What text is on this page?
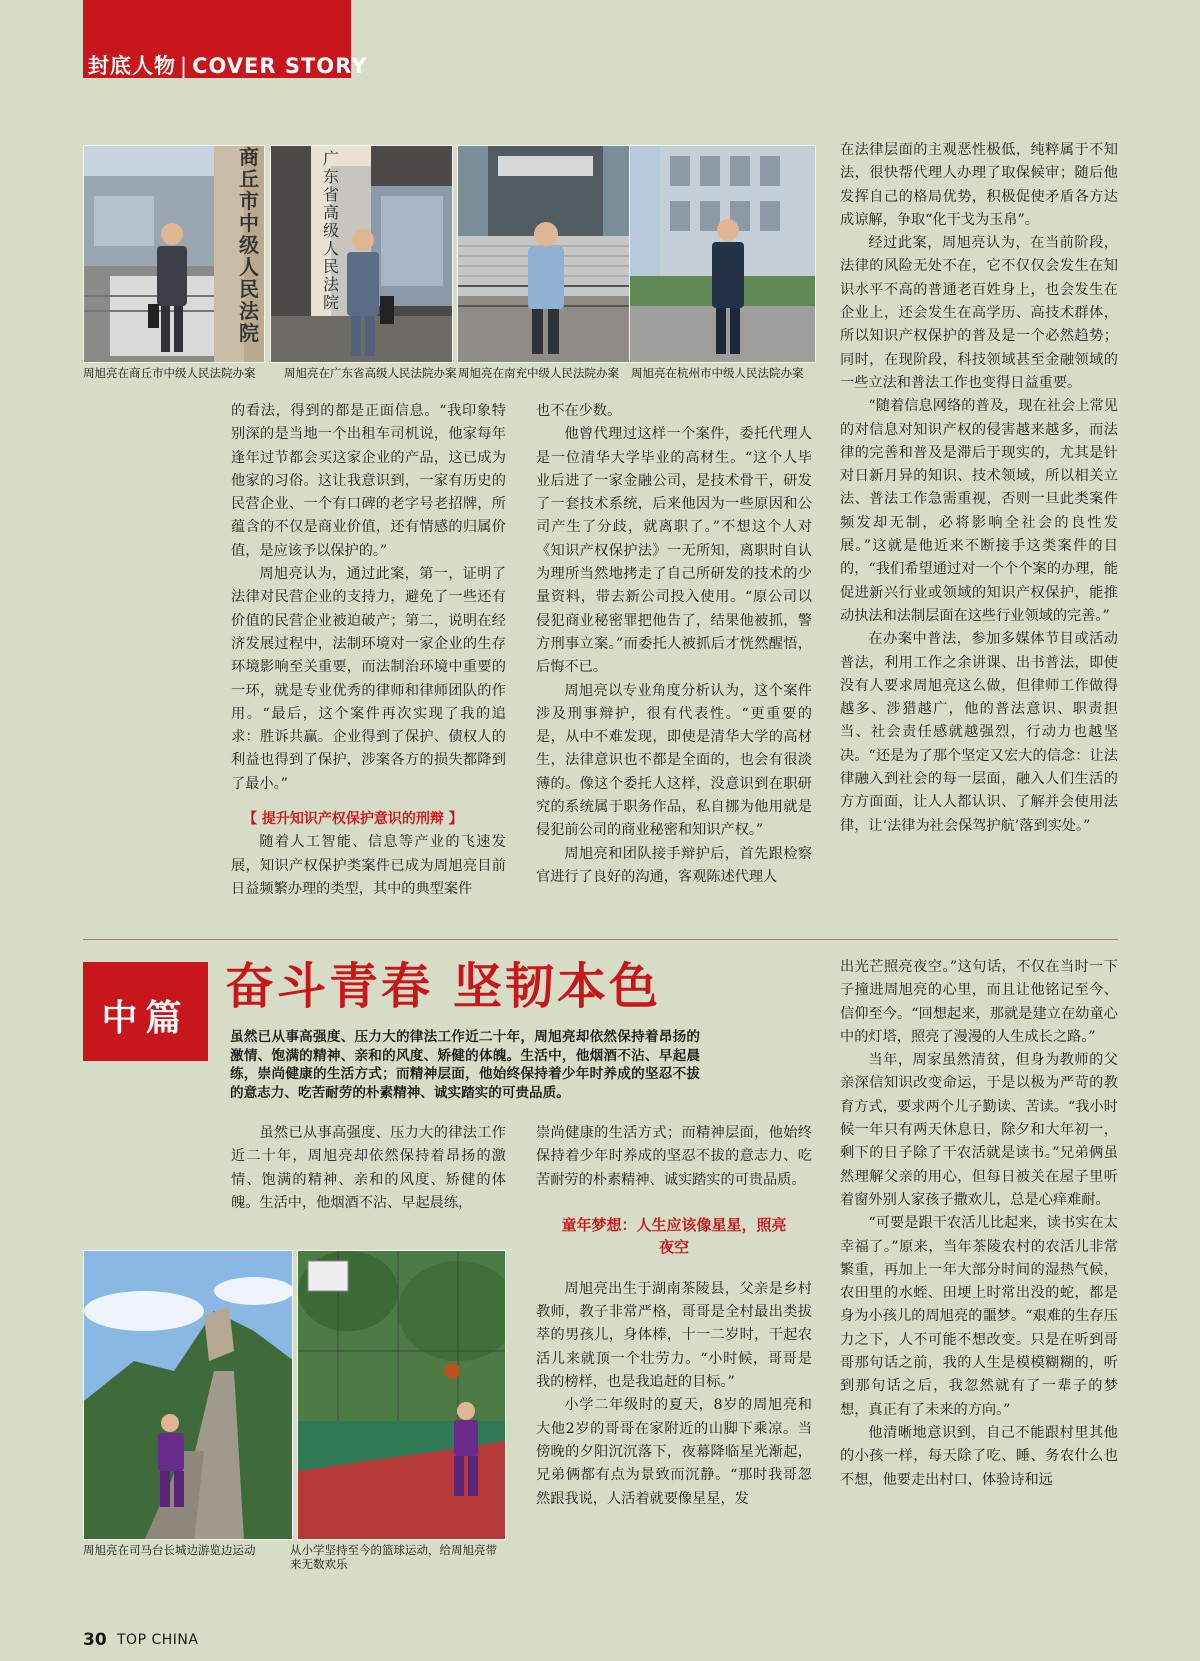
封底人物 | COVER STORY
商丘市中级人民法院
广东省高级人民法院
周旭亮在商丘市中级人民法院办案	周旭亮在广东省高级人民法院办案 周旭亮在南充中级人民法院办案	周旭亮在杭州市中级人民法院办案

的看法，得到的都是正面信息。“我印象特别深的是当地一个出租车司机说，他家每年逢年过节都会买这家企业的产品，这已成为他家的习俗。这让我意识到，一家有历史的民营企业、一个有口碑的老字号老招牌，所蕴含的不仅是商业价值，还有情感的归属价值，是应该予以保护的。”

周旭亮认为，通过此案，第一，证明了法律对民营企业的支持力，避免了一些还有价值的民营企业被迫破产；第二，说明在经济发展过程中，法制环境对一家企业的生存环境影响至关重要，而法制治环境中重要的一环，就是专业优秀的律师和律师团队的作用。“最后，这个案件再次实现了我的追求：胜诉共赢。企业得到了保护、债权人的利益也得到了保护，涉案各方的损失都降到了最小。”

【 提升知识产权保护意识的刑辩 】

随着人工智能、信息等产业的飞速发展，知识产权保护类案件已成为周旭亮目前日益频繁办理的类型，其中的典型案件

也不在少数。

他曾代理过这样一个案件，委托代理人是一位清华大学毕业的高材生。“这个人毕业后进了一家金融公司，是技术骨干，研发了一套技术系统，后来他因为一些原因和公司产生了分歧，就离职了。”不想这个人对《知识产权保护法》一无所知，离职时自认为理所当然地拷走了自己所研发的技术的少量资料，带去新公司投入使用。“原公司以侵犯商业秘密罪把他告了，结果他被抓，警方刑事立案。”而委托人被抓后才恍然醒悟，后悔不已。

周旭亮以专业角度分析认为，这个案件涉及刑事辩护，很有代表性。“更重要的是，从中不难发现，即使是清华大学的高材生，法律意识也不都是全面的，也会有很淡薄的。像这个委托人这样，没意识到在职研究的系统属于职务作品，私自挪为他用就是侵犯前公司的商业秘密和知识产权。”

周旭亮和团队接手辩护后，首先跟检察官进行了良好的沟通，客观陈述代理人

在法律层面的主观恶性极低，纯粹属于不知法，很快帮代理人办理了取保候审；随后他发挥自己的格局优势，积极促使矛盾各方达成谅解，争取“化干戈为玉帛”。

经过此案，周旭亮认为，在当前阶段，法律的风险无处不在，它不仅仅会发生在知识水平不高的普通老百姓身上，也会发生在企业上，还会发生在高学历、高技术群体，所以知识产权保护的普及是一个必然趋势；同时，在现阶段，科技领域甚至金融领域的一些立法和普法工作也变得日益重要。

“随着信息网络的普及，现在社会上常见的对信息对知识产权的侵害越来越多，而法律的完善和普及是滞后于现实的，尤其是针对日新月异的知识、技术领域，所以相关立法、普法工作急需重视，否则一旦此类案件频发却无制，必将影响全社会的良性发展。”这就是他近来不断接手这类案件的目的，“我们希望通过对一个个个案的办理，能促进新兴行业或领域的知识产权保护，能推动执法和法制层面在这些行业领域的完善。”

在办案中普法，参加多媒体节目或活动普法，利用工作之余讲课、出书普法，即使没有人要求周旭亮这么做，但律师工作做得越多、涉猎越广，他的普法意识、职责担当、社会责任感就越强烈，行动力也越坚决。“还是为了那个坚定又宏大的信念：让法律融入到社会的每一层面，融入人们生活的方方面面，让人人都认识、了解并会使用法律，让‘法律为社会保驾护航’落到实处。”

中篇
奋斗青春 坚韧本色
虽然已从事高强度、压力大的律法工作近二十年，周旭亮却依然保持着昂扬的激情、饱满的精神、亲和的风度、矫健的体魄。生活中，他烟酒不沾、早起晨练，崇尚健康的生活方式；而精神层面，他始终保持着少年时养成的坚忍不拔的意志力、吃苦耐劳的朴素精神、诚实踏实的可贵品质。

虽然已从事高强度、压力大的律法工作近二十年，周旭亮却依然保持着昂扬的激情、饱满的精神、亲和的风度、矫健的体魄。生活中，他烟酒不沾、早起晨练，

崇尚健康的生活方式；而精神层面，他始终保持着少年时养成的坚忍不拔的意志力、吃苦耐劳的朴素精神、诚实踏实的可贵品质。

童年梦想：人生应该像星星，照亮夜空

周旭亮出生于湖南茶陵县，父亲是乡村教师，教子非常严格，哥哥是全村最出类拔萃的男孩儿，身体棒，十一二岁时，干起农活儿来就顶一个壮劳力。“小时候，哥哥是我的榜样，也是我追赶的目标。”

小学二年级时的夏天，8岁的周旭亮和大他2岁的哥哥在家附近的山脚下乘凉。当傍晚的夕阳沉沉落下，夜幕降临星光渐起，兄弟俩都有点为景致而沉静。“那时我哥忽然跟我说，人活着就要像星星，发

出光芒照亮夜空。”这句话，不仅在当时一下子撞进周旭亮的心里，而且让他铭记至今、信仰至今。“回想起来，那就是建立在幼童心中的灯塔，照亮了漫漫的人生成长之路。”

当年，周家虽然清贫，但身为教师的父亲深信知识改变命运，于是以极为严苛的教育方式，要求两个儿子勤读、苦读。“我小时候一年只有两天休息日，除夕和大年初一，剩下的日子除了干农活就是读书。”兄弟俩虽然理解父亲的用心，但每日被关在屋子里听着窗外别人家孩子撒欢儿，总是心痒难耐。

“可要是跟干农活儿比起来，读书实在太幸福了。”原来，当年茶陵农村的农活儿非常繁重，再加上一年大部分时间的湿热气候，农田里的水蛭、田埂上时常出没的蛇，都是身为小孩儿的周旭亮的噩梦。“艰难的生存压力之下，人不可能不想改变。只是在听到哥哥那句话之前，我的人生是模模糊糊的，听到那句话之后，我忽然就有了一辈子的梦想，真正有了未来的方向。”

他清晰地意识到，自己不能跟村里其他的小孩一样，每天除了吃、睡、务农什么也不想，他要走出村口，体验诗和远

周旭亮在司马台长城边游览边运动	从小学坚持至今的篮球运动，给周旭亮带来无数欢乐
30 TOP CHINA
